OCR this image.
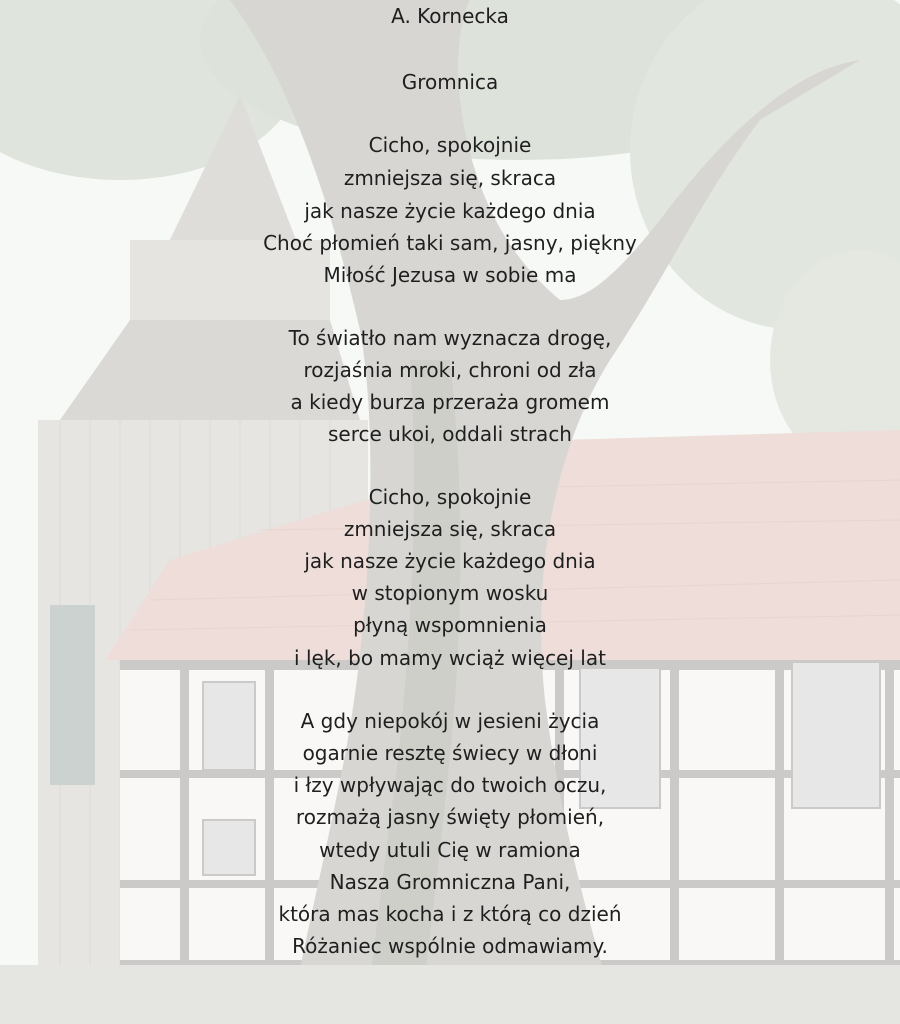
A. Kornecka
Gromnica
Cicho, spokojnie
zmniejsza się, skraca
jak nasze życie każdego dnia
Choć płomień taki sam, jasny, piękny
Miłość Jezusa w sobie ma
To światło nam wyznacza drogę,
rozjaśnia mroki, chroni od zła
a kiedy burza przeraża gromem
serce ukoi, oddali strach
Cicho, spokojnie
zmniejsza się, skraca
jak nasze życie każdego dnia
w stopionym wosku
płyną wspomnienia
i lęk, bo mamy wciąż więcej lat
A gdy niepokój w jesieni życia
ogarnie resztę świecy w dłoni
i łzy wpływając do twoich oczu,
rozmażą jasny święty płomień,
wtedy utuli Cię w ramiona
Nasza Gromniczna Pani,
która mas kocha i z którą co dzień
Różaniec wspólnie odmawiamy.
